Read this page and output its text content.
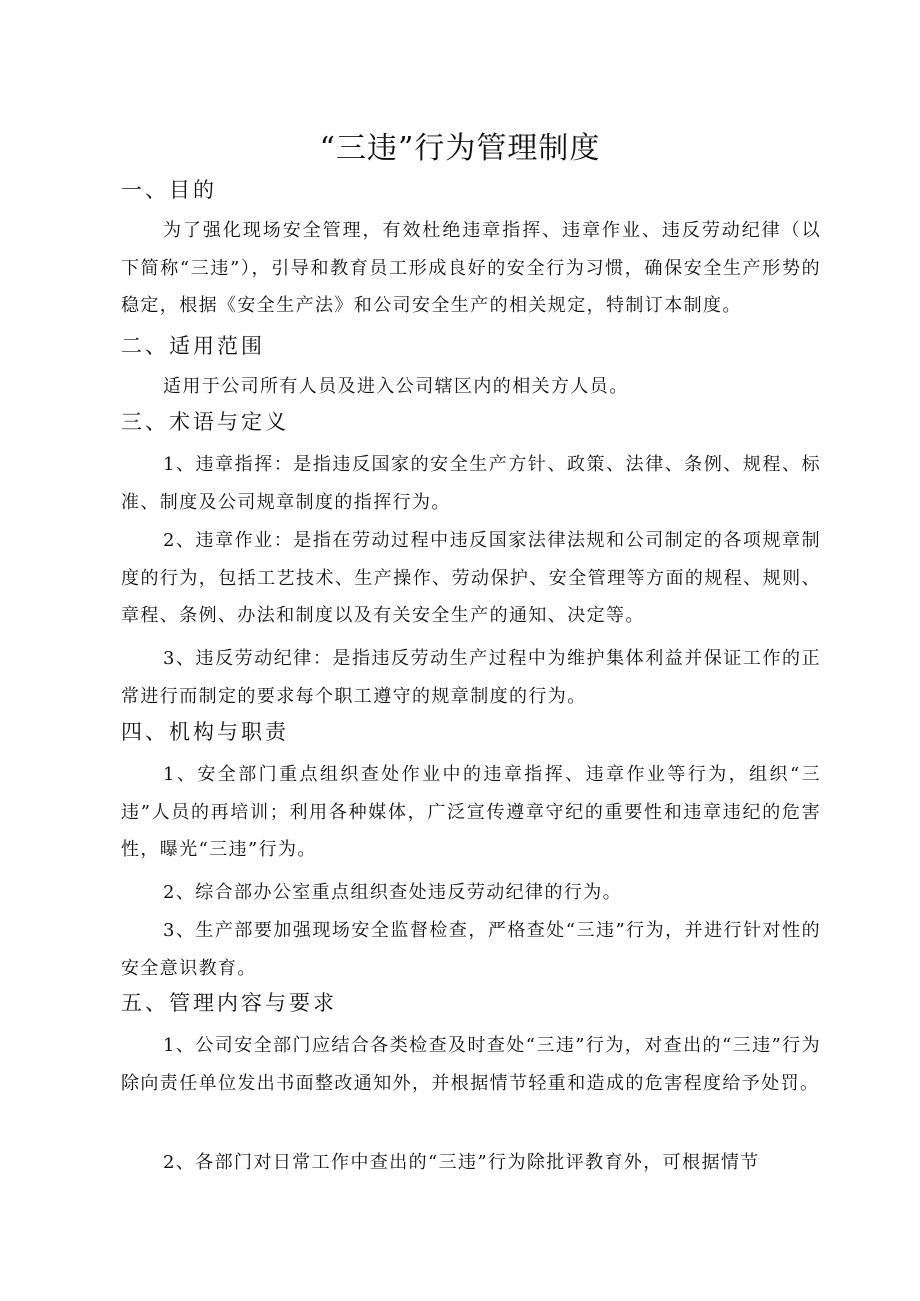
“三违”行为管理制度
一、目的
为了强化现场安全管理，有效杜绝违章指挥、违章作业、违反劳动纪律（以下简称“三违”），引导和教育员工形成良好的安全行为习惯，确保安全生产形势的稳定，根据《安全生产法》和公司安全生产的相关规定，特制订本制度。
二、适用范围
适用于公司所有人员及进入公司辖区内的相关方人员。
三、术语与定义
1、违章指挥：是指违反国家的安全生产方针、政策、法律、条例、规程、标准、制度及公司规章制度的指挥行为。
2、违章作业：是指在劳动过程中违反国家法律法规和公司制定的各项规章制度的行为，包括工艺技术、生产操作、劳动保护、安全管理等方面的规程、规则、章程、条例、办法和制度以及有关安全生产的通知、决定等。
3、违反劳动纪律：是指违反劳动生产过程中为维护集体利益并保证工作的正常进行而制定的要求每个职工遵守的规章制度的行为。
四、机构与职责
1、安全部门重点组织查处作业中的违章指挥、违章作业等行为，组织“三违”人员的再培训；利用各种媒体，广泛宣传遵章守纪的重要性和违章违纪的危害性，曝光“三违”行为。
2、综合部办公室重点组织查处违反劳动纪律的行为。
3、生产部要加强现场安全监督检查，严格查处“三违”行为，并进行针对性的安全意识教育。
五、管理内容与要求
1、公司安全部门应结合各类检查及时查处“三违”行为，对查出的“三违”行为除向责任单位发出书面整改通知外，并根据情节轻重和造成的危害程度给予处罚。
2、各部门对日常工作中查出的“三违”行为除批评教育外，可根据情节
